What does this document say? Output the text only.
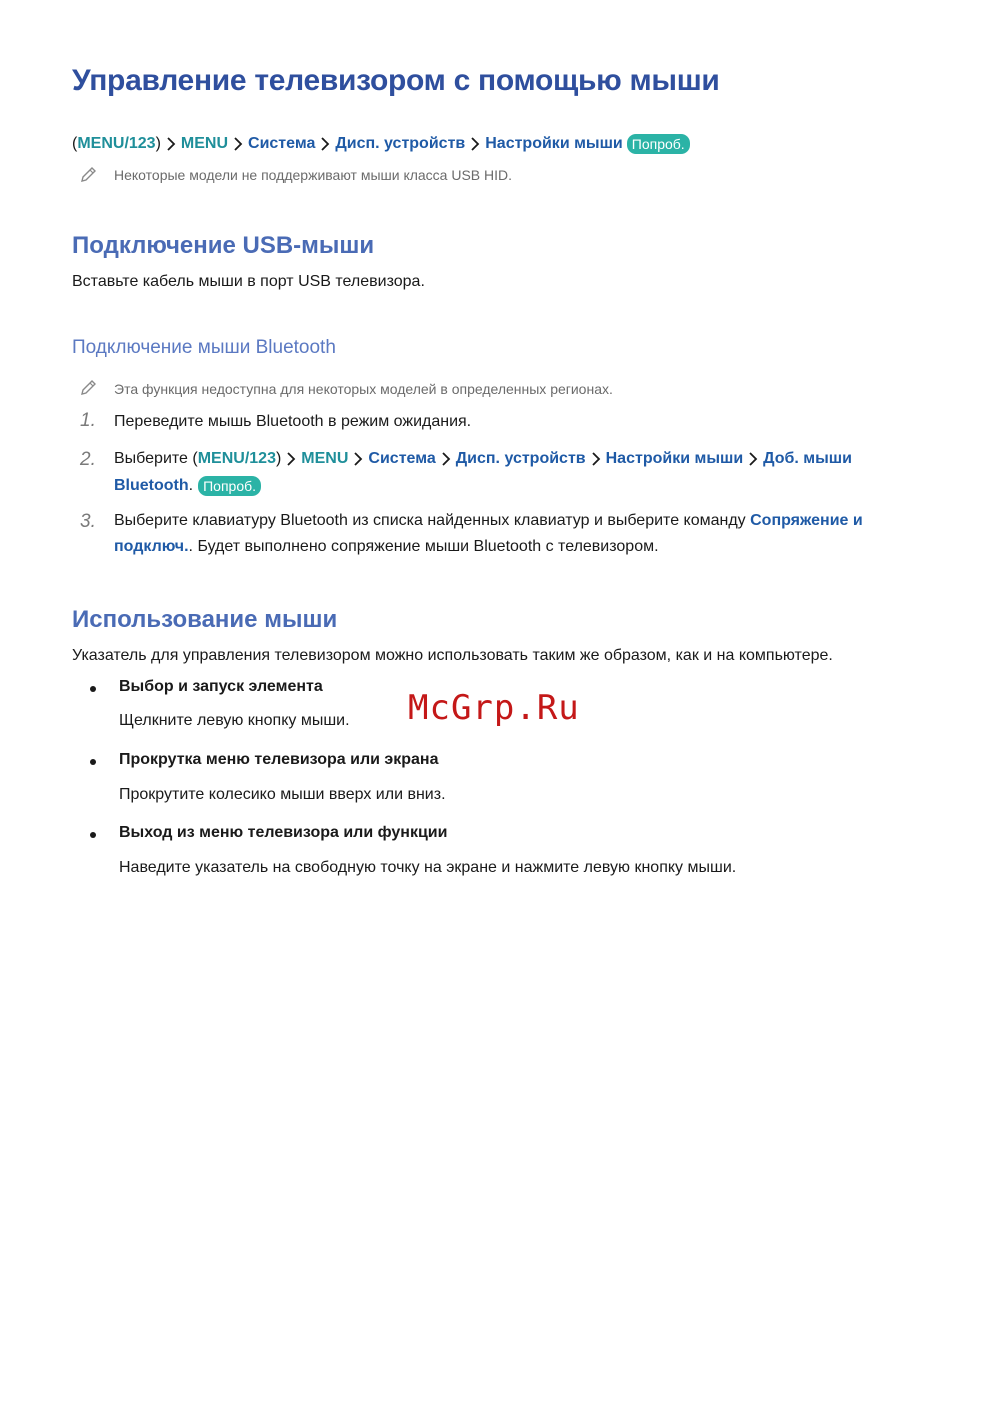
Управление телевизором с помощью мыши
( MENU/123 ) MENU Система Дисп. устройств Настройки мыши Попроб.
Некоторые модели не поддерживают мыши класса USB HID.
Подключение USB-мыши
Вставьте кабель мыши в порт USB телевизора.
Подключение мыши Bluetooth
Эта функция недоступна для некоторых моделей в определенных регионах.
1.	Переведите мышь Bluetooth в режим ожидания.
2.	Выберите ( MENU/123 ) MENU Система Дисп. устройств Настройки мыши Доб. мыши
Bluetooth . Попроб.
3.	Выберите клавиатуру Bluetooth из списка найденных клавиатур и выберите команду Сопряжение и
подключ.. Будет выполнено сопряжение мыши Bluetooth с телевизором.
Использование мыши
Указатель для управления телевизором можно использовать таким же образом, как и на компьютере.
Выбор и запуск элемента
Щелкните левую кнопку мыши.
Прокрутка меню телевизора или экрана
Прокрутите колесико мыши вверх или вниз.
Выход из меню телевизора или функции
Наведите указатель на свободную точку на экране и нажмите левую кнопку мыши.
McGrp.Ru
